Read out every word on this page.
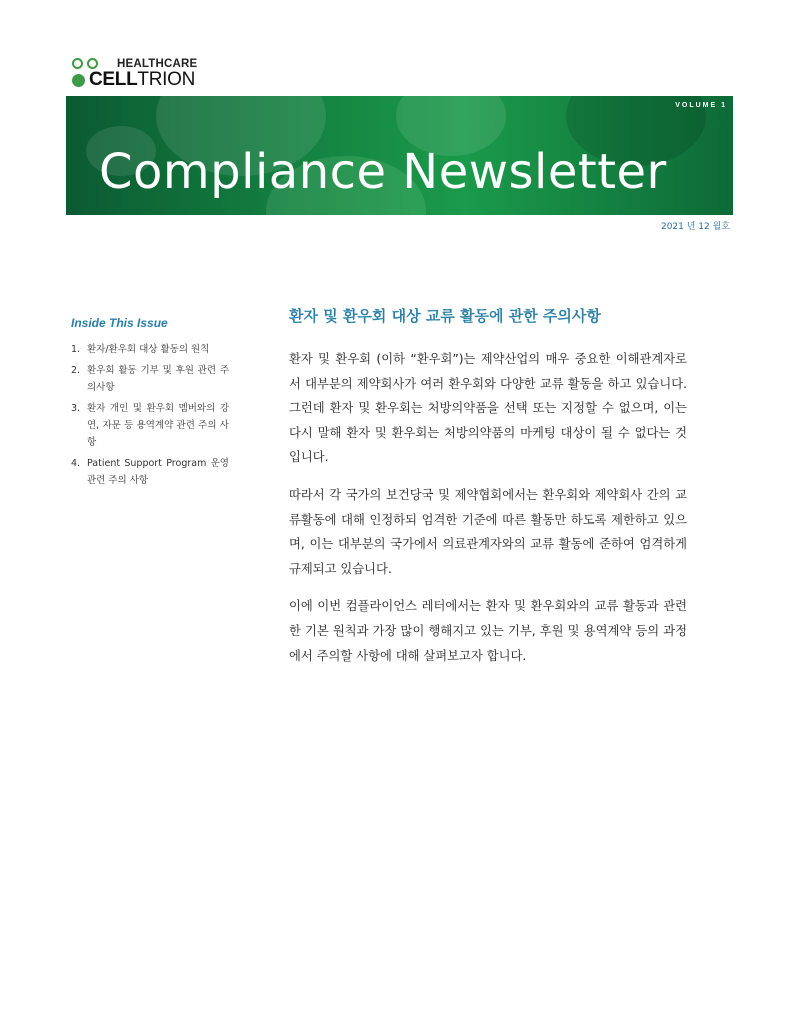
HEALTHCARE
CELLTRION
VOLUME 1
Compliance Newsletter
2021 년 12 월호
Inside This Issue
1. 환자/환우회 대상 활동의 원칙
2. 환우회 활동 기부 및 후원 관련 주의사항
3. 환자 개인 및 환우회 멤버와의 강연, 자문 등 용역계약 관련 주의 사항
4. Patient Support Program 운영 관련 주의 사항
환자 및 환우회 대상 교류 활동에 관한 주의사항

환자 및 환우회 (이하 “환우회”)는 제약산업의 매우 중요한 이해관계자로서 대부분의 제약회사가 여러 환우회와 다양한 교류 활동을 하고 있습니다. 그런데 환자 및 환우회는 처방의약품을 선택 또는 지정할 수 없으며, 이는 다시 말해 환자 및 환우회는 처방의약품의 마케팅 대상이 될 수 없다는 것입니다.

따라서 각 국가의 보건당국 및 제약협회에서는 환우회와 제약회사 간의 교류활동에 대해 인정하되 엄격한 기준에 따른 활동만 하도록 제한하고 있으며, 이는 대부분의 국가에서 의료관계자와의 교류 활동에 준하여 엄격하게 규제되고 있습니다.

이에 이번 컴플라이언스 레터에서는 환자 및 환우회와의 교류 활동과 관련한 기본 원칙과 가장 많이 행해지고 있는 기부, 후원 및 용역계약 등의 과정에서 주의할 사항에 대해 살펴보고자 합니다.
